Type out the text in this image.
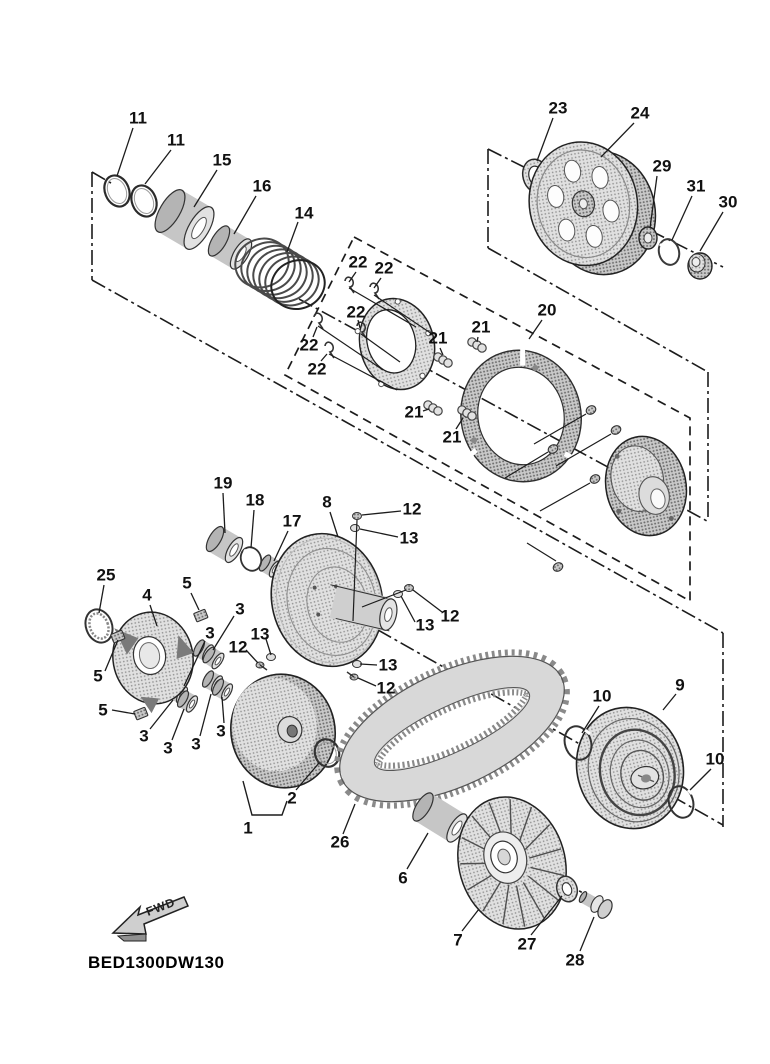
11
11
15
16
14
23	24
29
31
30
20
22 22
22
22
22
21
21
21
21
19
18
17
8	12
13
12
13
13
12
13
12
25
4
5
5
5
3
3
3
3 3
3
1
2
26
6
7	27
28
9
10
10
FWD
BED1300DW130
